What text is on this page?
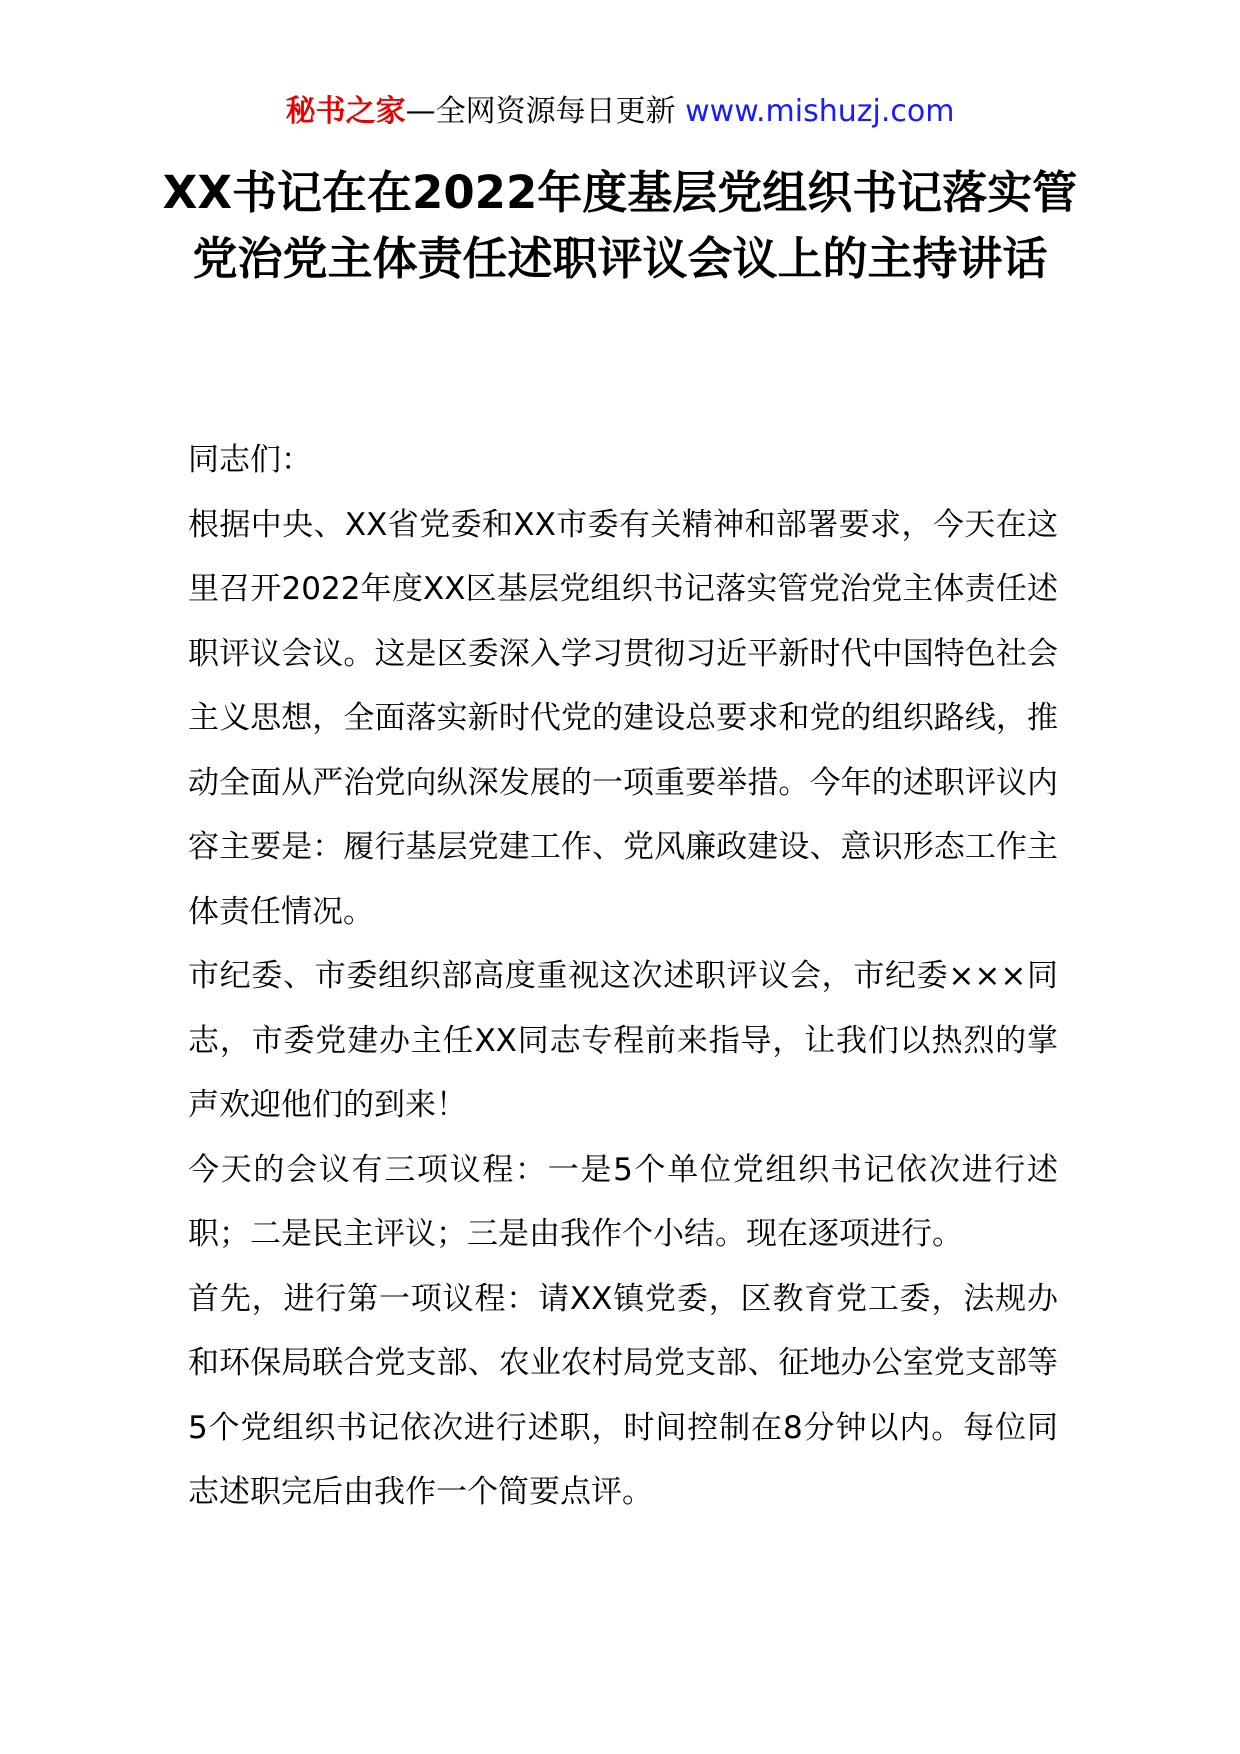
秘书之家—全网资源每日更新 www.mishuzj.com
XX书记在在2022年度基层党组织书记落实管党治党主体责任述职评议会议上的主持讲话

同志们：

根据中央、XX省党委和XX市委有关精神和部署要求，今天在这里召开2022年度XX区基层党组织书记落实管党治党主体责任述职评议会议。这是区委深入学习贯彻习近平新时代中国特色社会主义思想，全面落实新时代党的建设总要求和党的组织路线，推动全面从严治党向纵深发展的一项重要举措。今年的述职评议内容主要是：履行基层党建工作、党风廉政建设、意识形态工作主体责任情况。

市纪委、市委组织部高度重视这次述职评议会，市纪委×××同志，市委党建办主任XX同志专程前来指导，让我们以热烈的掌声欢迎他们的到来！

今天的会议有三项议程：一是5个单位党组织书记依次进行述职；二是民主评议；三是由我作个小结。现在逐项进行。

首先，进行第一项议程：请XX镇党委，区教育党工委，法规办和环保局联合党支部、农业农村局党支部、征地办公室党支部等5个党组织书记依次进行述职，时间控制在8分钟以内。每位同志述职完后由我作一个简要点评。
